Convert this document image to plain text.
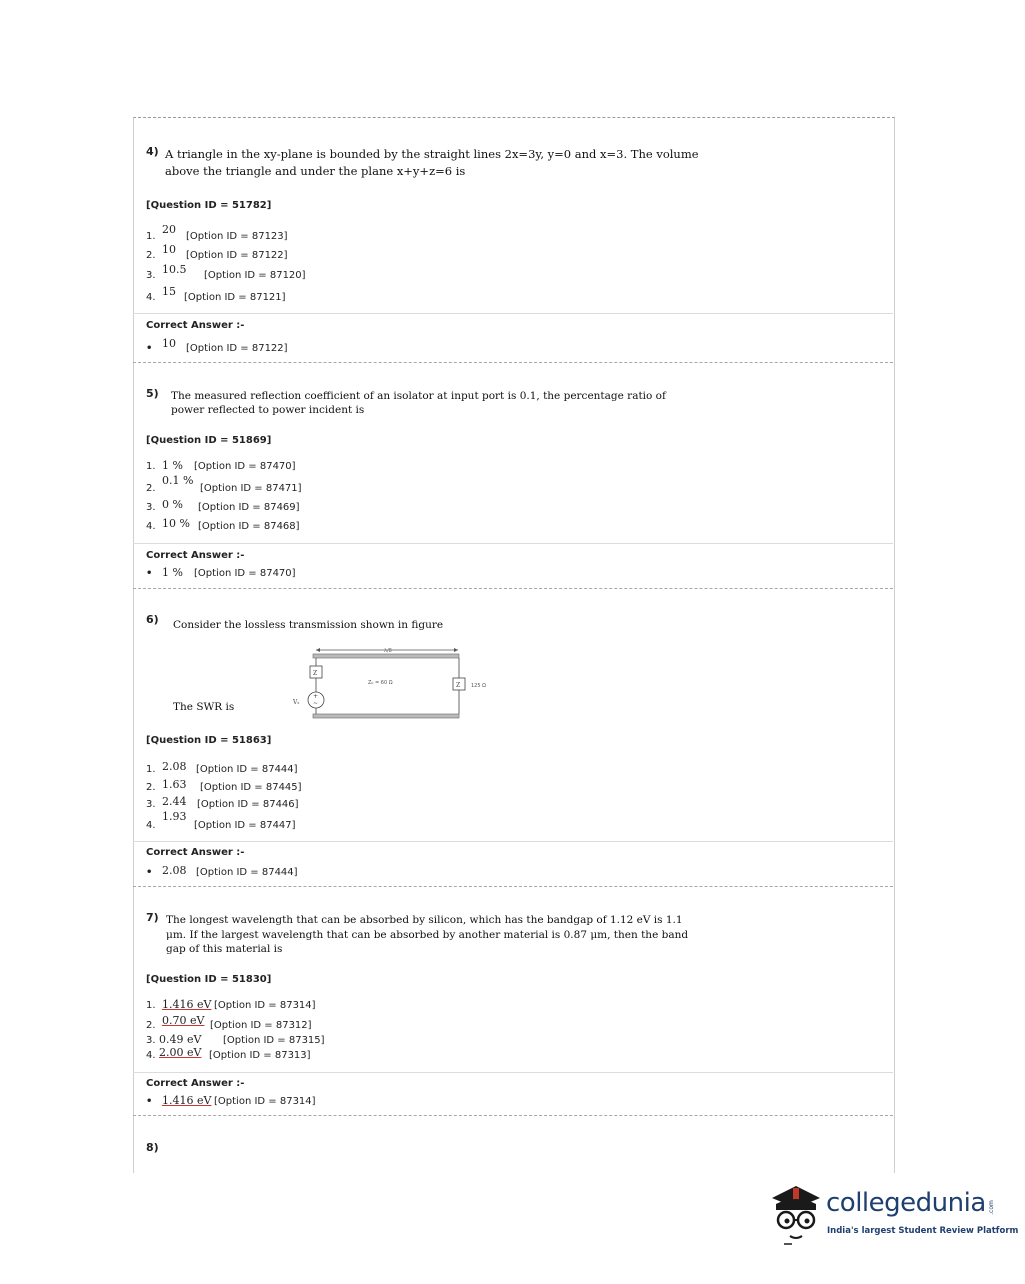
4) A triangle in the xy-plane is bounded by the straight lines 2x=3y, y=0 and x=3. The volume
above the triangle and under the plane x+y+z=6 is
[Question ID = 51782]
1.20[Option ID = 87123]
2. 10 [Option ID = 87122]
3. 10.5 [Option ID = 87120]
4. 15 [Option ID = 87121]
Correct Answer :-
• 10 [Option ID = 87122]
5) The measured reflection coefficient of an isolator at input port is 0.1, the percentage ratio of
power reflected to power incident is
[Question ID = 51869]
1. 1 % [Option ID = 87470]
2.0.1 %[Option ID = 87471]
3. 0 % [Option ID = 87469]
4. 10 % [Option ID = 87468]
Correct Answer :-
• 1 % [Option ID = 87470]
6) Consider the lossless transmission shown in figure
The SWR is
λ/8
Z
+
~
Vₛ
Z₀ = 60 Ω	Z 125 Ω
[Question ID = 51863]
1. 2.08 [Option ID = 87444]
2. 1.63 [Option ID = 87445]
3. 2.44 [Option ID = 87446]
4.1.93[Option ID = 87447]
Correct Answer :-
• 2.08 [Option ID = 87444]
7) The longest wavelength that can be absorbed by silicon, which has the bandgap of 1.12 eV is 1.1
μm. If the largest wavelength that can be absorbed by another material is 0.87 μm, then the band
gap of this material is
[Question ID = 51830]
1. 1.416 eV [Option ID = 87314]
2. 0.70 eV [Option ID = 87312]
3. 0.49 eV [Option ID = 87315]
4. 2.00 eV [Option ID = 87313]
Correct Answer :-
• 1.416 eV [Option ID = 87314]
8)
collegedunia .com
India's largest Student Review Platform
